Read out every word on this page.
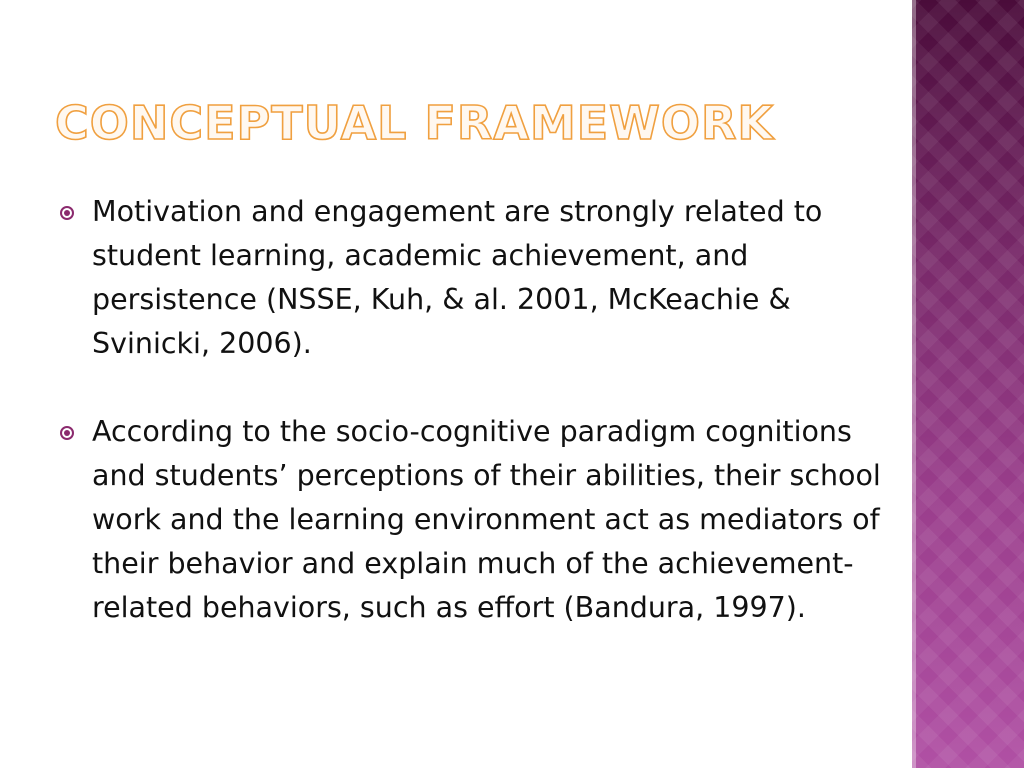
CONCEPTUAL FRAMEWORK
Motivation and engagement are strongly related to student learning, academic achievement, and persistence (NSSE, Kuh, & al. 2001, McKeachie & Svinicki, 2006).
According to the socio-cognitive paradigm cognitions and students’ perceptions of their abilities, their school work and the learning environment act as mediators of their behavior and explain much of the achievement-related behaviors, such as effort (Bandura, 1997).
